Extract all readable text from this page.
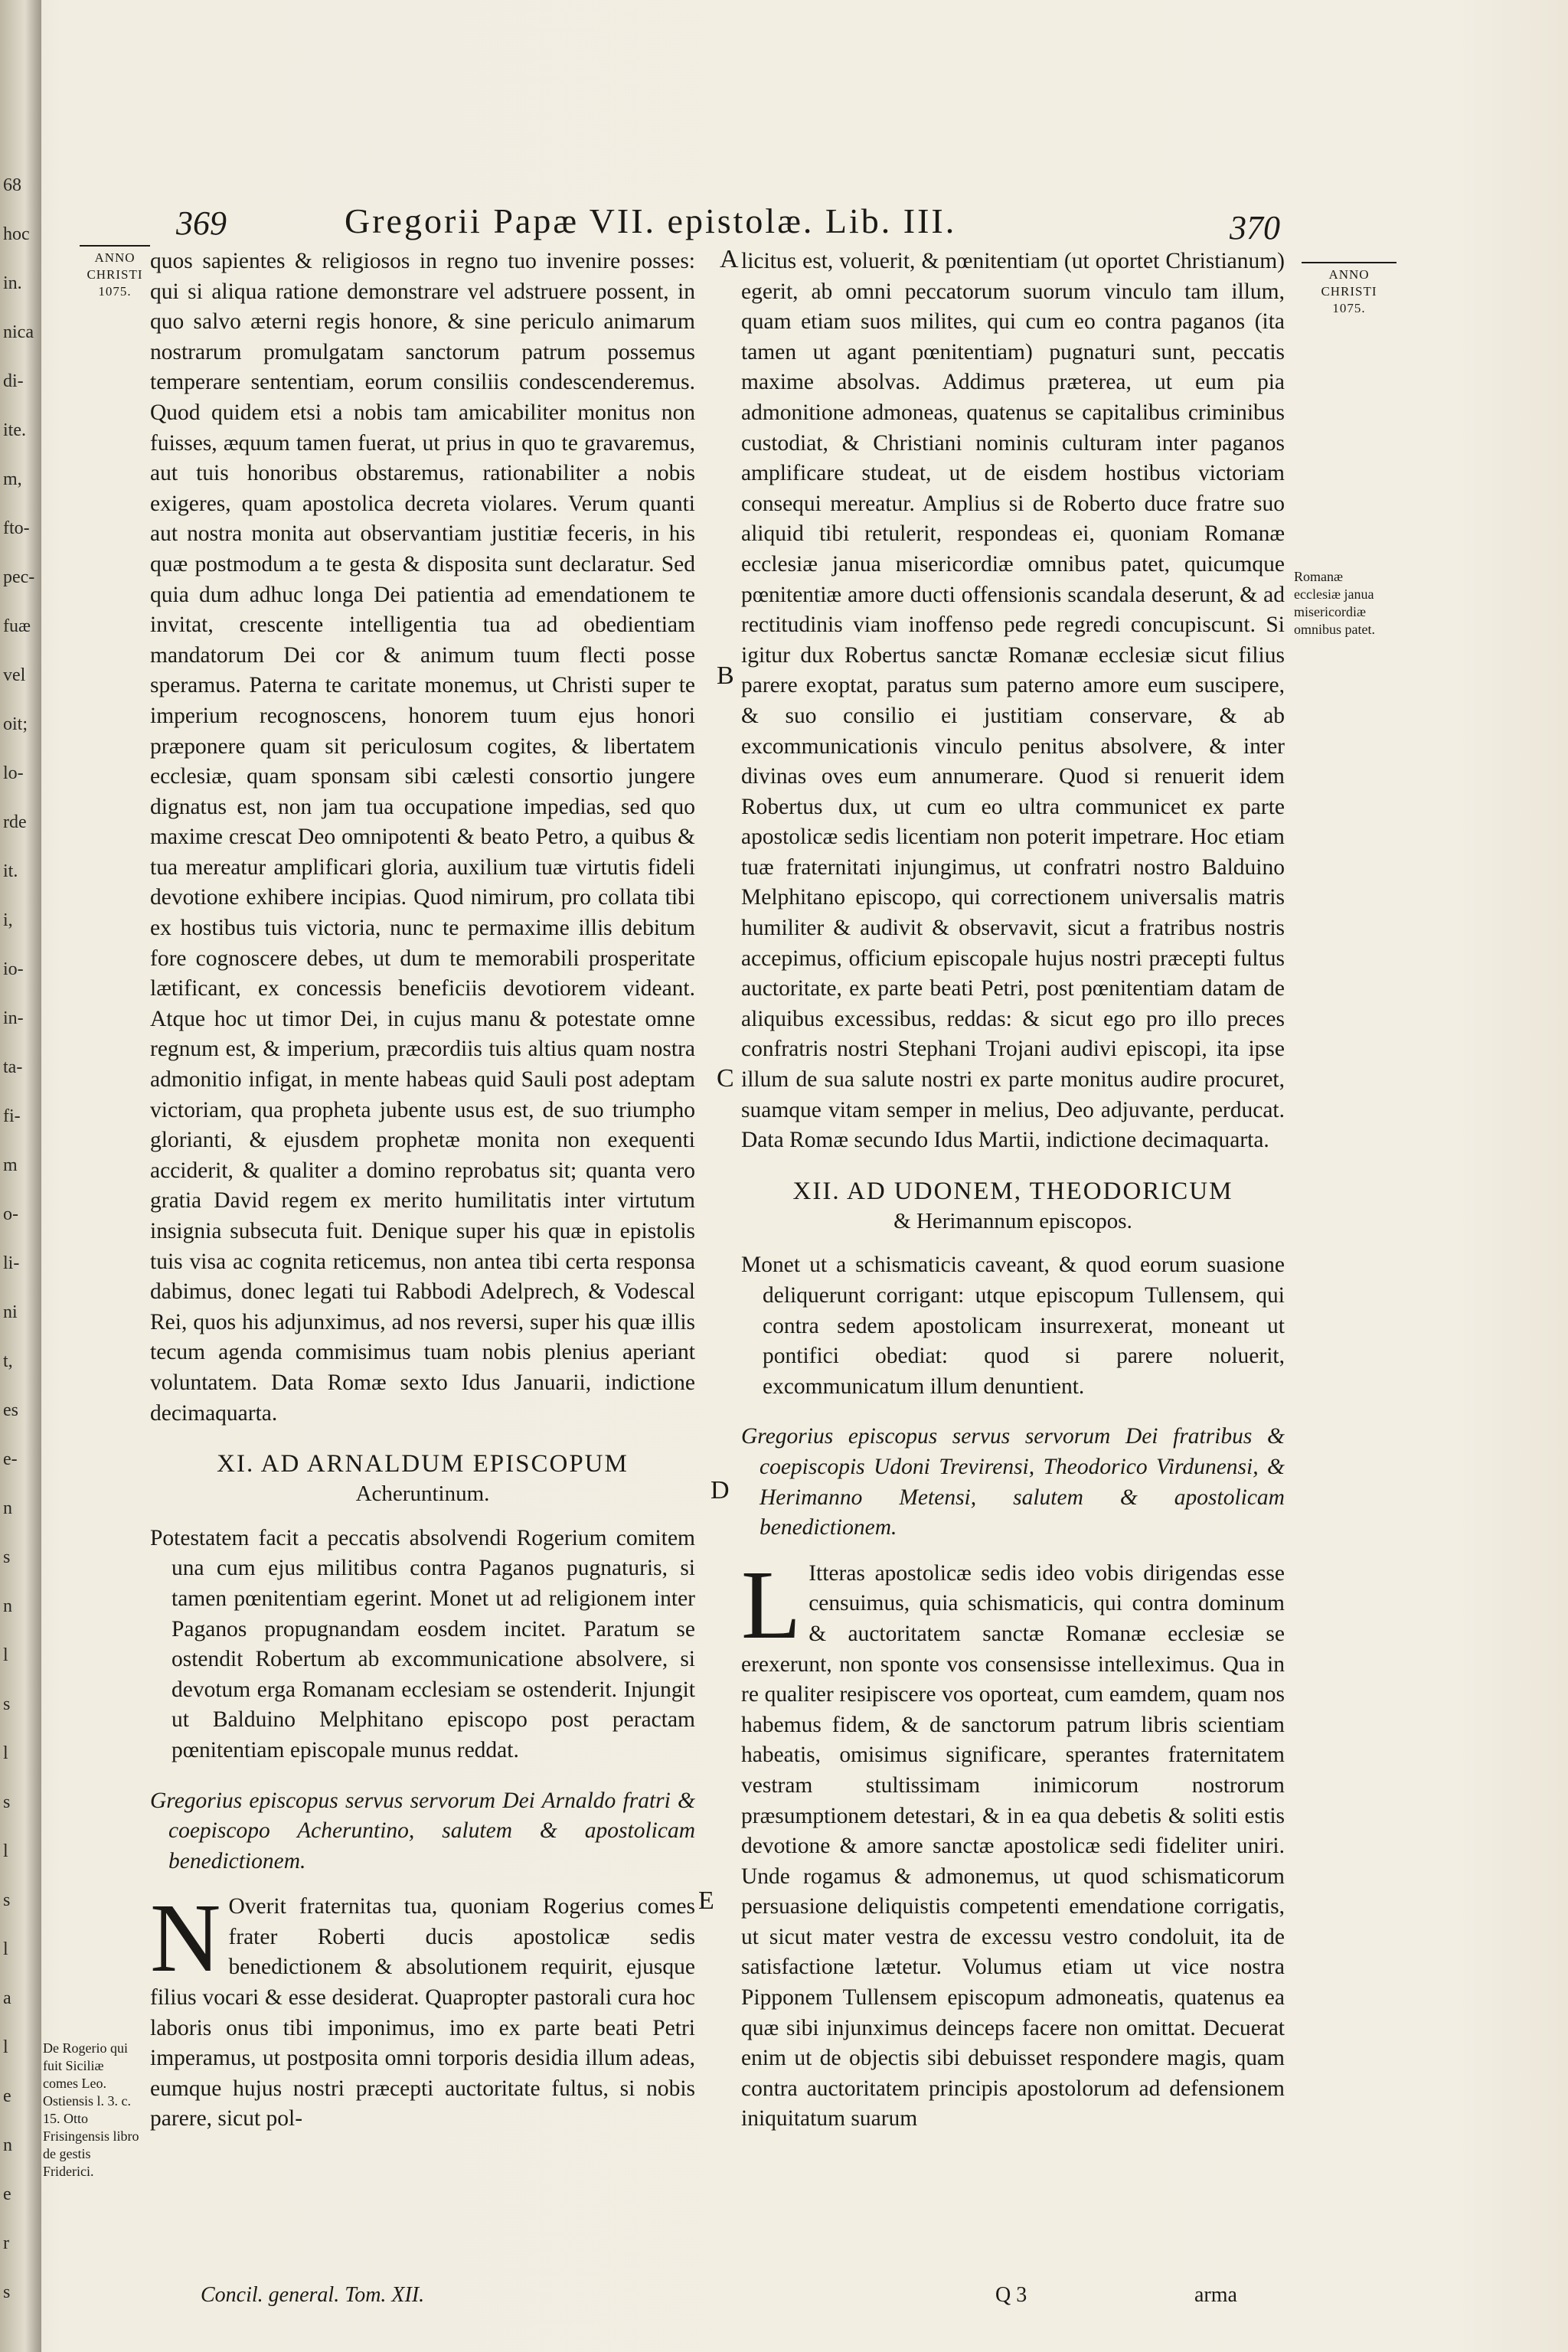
68
hoc
in.
nica
di-
ite.
m,
fto-
pec-
fuæ
vel
oit;
lo-
rde
it.
i,
io-
in-
ta-
fi-
m
o-
li-
ni
t,
es
e-
n
s
n
l
s
l
s
l
s
l
a
l
e
n
e
r
s
369	Gregorii Papæ VII. epistolæ. Lib. III.	370
ANNO
CHRISTI
1075.
ANNO
CHRISTI
1075.

quos sapientes & religiosos in regno tuo invenire posses: qui si aliqua ratione demonstrare vel adstruere possent, in quo salvo æterni regis honore, & sine periculo animarum nostrarum promulgatam sanctorum patrum possemus temperare sententiam, eorum consiliis condescenderemus. Quod quidem etsi a nobis tam amicabiliter monitus non fuisses, æquum tamen fuerat, ut prius in quo te gravaremus, aut tuis honoribus obstaremus, rationabiliter a nobis exigeres, quam apostolica decreta violares. Verum quanti aut nostra monita aut observantiam justitiæ feceris, in his quæ postmodum a te gesta & disposita sunt declaratur. Sed quia dum adhuc longa Dei patientia ad emendationem te invitat, crescente intelligentia tua ad obedientiam mandatorum Dei cor & animum tuum flecti posse speramus. Paterna te caritate monemus, ut Christi super te imperium recognoscens, honorem tuum ejus honori præponere quam sit periculosum cogites, & libertatem ecclesiæ, quam sponsam sibi cælesti consortio jungere dignatus est, non jam tua occupatione impedias, sed quo maxime crescat Deo omnipotenti & beato Petro, a quibus & tua mereatur amplificari gloria, auxilium tuæ virtutis fideli devotione exhibere incipias. Quod nimirum, pro collata tibi ex hostibus tuis victoria, nunc te permaxime illis debitum fore cognoscere debes, ut dum te memorabili prosperitate lætificant, ex concessis beneficiis devotiorem videant. Atque hoc ut timor Dei, in cujus manu & potestate omne regnum est, & imperium, præcordiis tuis altius quam nostra admonitio infigat, in mente habeas quid Sauli post adeptam victoriam, qua propheta jubente usus est, de suo triumpho glorianti, & ejusdem prophetæ monita non exequenti acciderit, & qualiter a domino reprobatus sit; quanta vero gratia David regem ex merito humilitatis inter virtutum insignia subsecuta fuit. Denique super his quæ in epistolis tuis visa ac cognita reticemus, non antea tibi certa responsa dabimus, donec legati tui Rabbodi Adelprech, & Vodescal Rei, quos his adjunximus, ad nos reversi, super his quæ illis tecum agenda commisimus tuam nobis plenius aperiant voluntatem. Data Romæ sexto Idus Januarii, indictione decimaquarta.

XI. AD ARNALDUM EPISCOPUM

Acheruntinum.

Potestatem facit a peccatis absolvendi Rogerium comitem una cum ejus militibus contra Paganos pugnaturis, si tamen pœnitentiam egerint. Monet ut ad religionem inter Paganos propugnandam eosdem incitet. Paratum se ostendit Robertum ab excommunicatione absolvere, si devotum erga Romanam ecclesiam se ostenderit. Injungit ut Balduino Melphitano episcopo post peractam pœnitentiam episcopale munus reddat.

Gregorius episcopus servus servorum Dei Arnaldo fratri & coepiscopo Acheruntino, salutem & apostolicam benedictionem.

N Overit fraternitas tua, quoniam Rogerius comes frater Roberti ducis apostolicæ sedis benedictionem & absolutionem requirit, ejusque filius vocari & esse desiderat. Quapropter pastorali cura hoc laboris onus tibi imponimus, imo ex parte beati Petri imperamus, ut postposita omni torporis desidia illum adeas, eumque hujus nostri præcepti auctoritate fultus, si nobis parere, sicut pol-

Concil. general. Tom. XII.
De Rogerio qui fuit Siciliæ comes Leo. Ostiensis l. 3. c. 15. Otto Frisingensis libro de gestis Friderici.

licitus est, voluerit, & pœnitentiam (ut oportet Christianum) egerit, ab omni peccatorum suorum vinculo tam illum, quam etiam suos milites, qui cum eo contra paganos (ita tamen ut agant pœnitentiam) pugnaturi sunt, peccatis maxime absolvas. Addimus præterea, ut eum pia admonitione admoneas, quatenus se capitalibus criminibus custodiat, & Christiani nominis culturam inter paganos amplificare studeat, ut de eisdem hostibus victoriam consequi mereatur. Amplius si de Roberto duce fratre suo aliquid tibi retulerit, respondeas ei, quoniam Romanæ ecclesiæ janua misericordiæ omnibus patet, quicumque pœnitentiæ amore ducti offensionis scandala deserunt, & ad rectitudinis viam inoffenso pede regredi concupiscunt. Si igitur dux Robertus sanctæ Romanæ ecclesiæ sicut filius parere exoptat, paratus sum paterno amore eum suscipere, & suo consilio ei justitiam conservare, & ab excommunicationis vinculo penitus absolvere, & inter divinas oves eum annumerare. Quod si renuerit idem Robertus dux, ut cum eo ultra communicet ex parte apostolicæ sedis licentiam non poterit impetrare. Hoc etiam tuæ fraternitati injungimus, ut confratri nostro Balduino Melphitano episcopo, qui correctionem universalis matris humiliter & audivit & observavit, sicut a fratribus nostris accepimus, officium episcopale hujus nostri præcepti fultus auctoritate, ex parte beati Petri, post pœnitentiam datam de aliquibus excessibus, reddas: & sicut ego pro illo preces confratris nostri Stephani Trojani audivi episcopi, ita ipse illum de sua salute nostri ex parte monitus audire procuret, suamque vitam semper in melius, Deo adjuvante, perducat. Data Romæ secundo Idus Martii, indictione decimaquarta.

XII. AD UDONEM, THEODORICUM

& Herimannum episcopos.

Monet ut a schismaticis caveant, & quod eorum suasione deliquerunt corrigant: utque episcopum Tullensem, qui contra sedem apostolicam insurrexerat, moneant ut pontifici obediat: quod si parere noluerit, excommunicatum illum denuntient.

Gregorius episcopus servus servorum Dei fratribus & coepiscopis Udoni Trevirensi, Theodorico Virdunensi, & Herimanno Metensi, salutem & apostolicam benedictionem.

L Itteras apostolicæ sedis ideo vobis dirigendas esse censuimus, quia schismaticis, qui contra dominum & auctoritatem sanctæ Romanæ ecclesiæ se erexerunt, non sponte vos consensisse intelleximus. Qua in re qualiter resipiscere vos oporteat, cum eamdem, quam nos habemus fidem, & de sanctorum patrum libris scientiam habeatis, omisimus significare, sperantes fraternitatem vestram stultissimam inimicorum nostrorum præsumptionem detestari, & in ea qua debetis & soliti estis devotione & amore sanctæ apostolicæ sedi fideliter uniri. Unde rogamus & admonemus, ut quod schismaticorum persuasione deliquistis competenti emendatione corrigatis, ut sicut mater vestra de excessu vestro condoluit, ita de satisfactione lætetur. Volumus etiam ut vice nostra Pipponem Tullensem episcopum admoneatis, quatenus ea quæ sibi injunximus deinceps facere non omittat. Decuerat enim ut de objectis sibi debuisset respondere magis, quam contra auctoritatem principis apostolorum ad defensionem iniquitatum suarum

Romanæ ecclesiæ janua misericordiæ omnibus patet.
Q 3	arma
A
B
C
D
E
